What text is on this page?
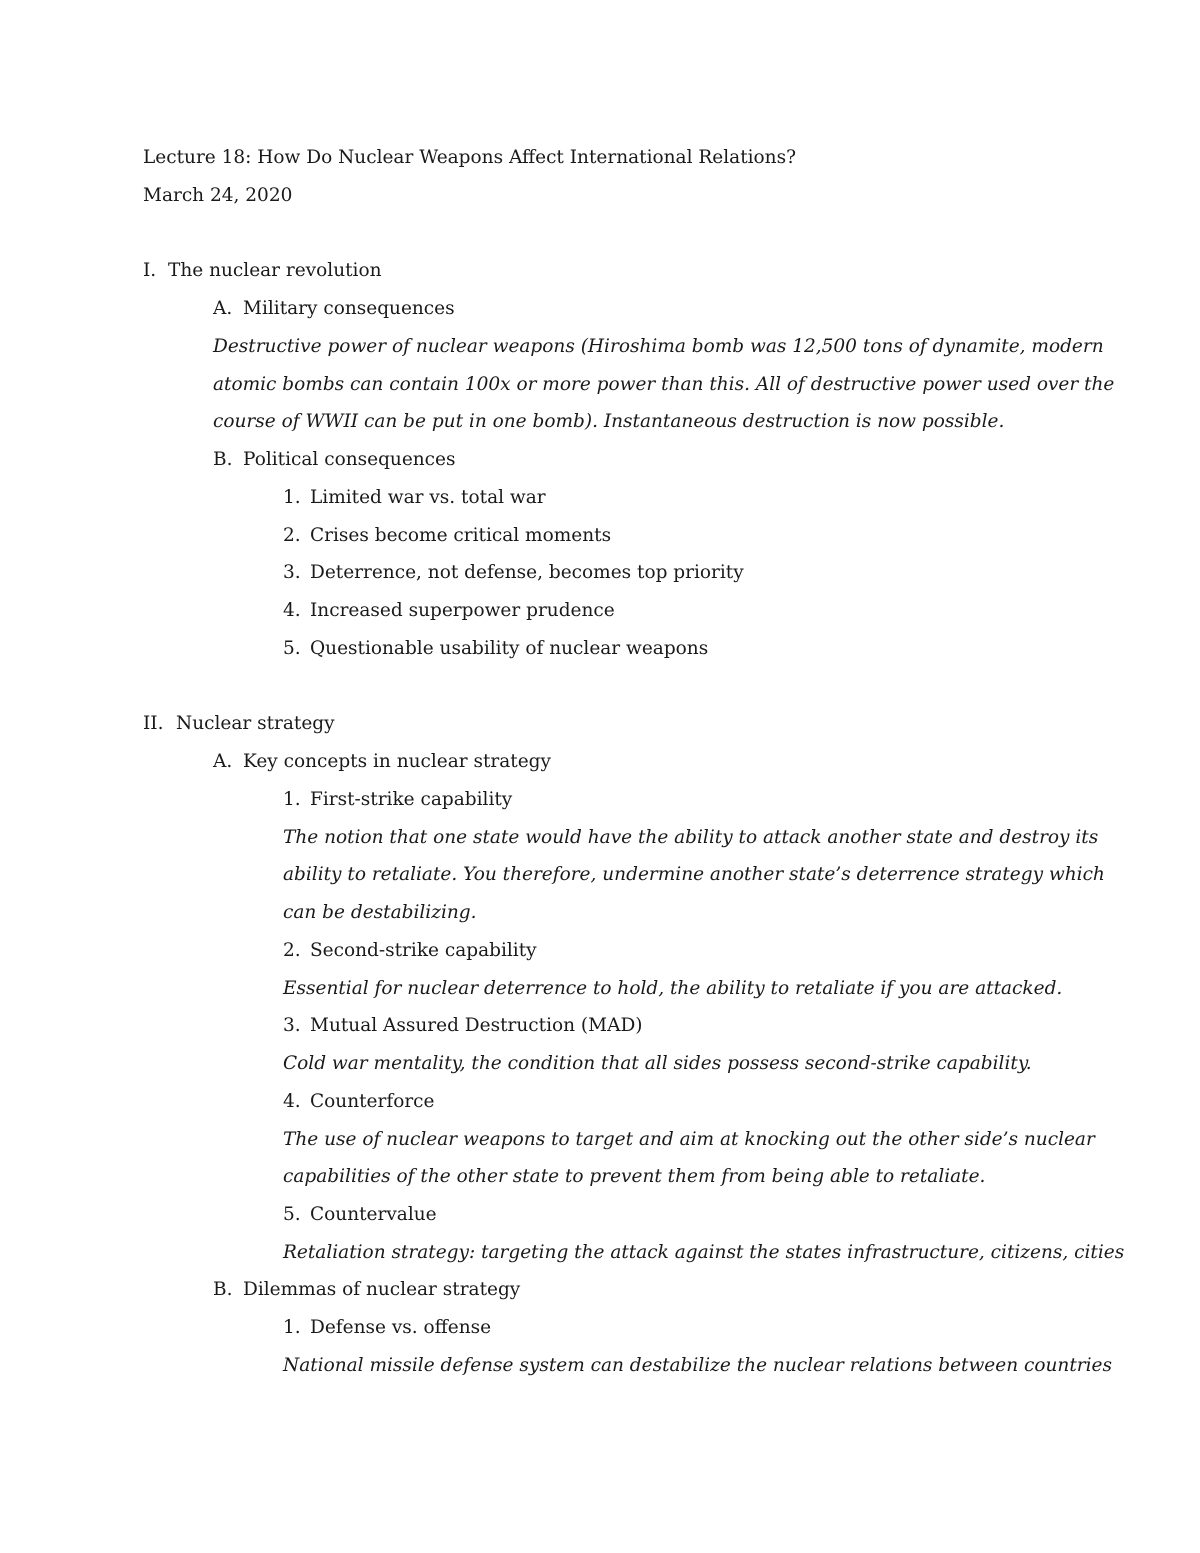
Lecture 18: How Do Nuclear Weapons Affect International Relations?
March 24, 2020
I. The nuclear revolution
A. Military consequences
Destructive power of nuclear weapons (Hiroshima bomb was 12,500 tons of dynamite, modern
atomic bombs can contain 100x or more power than this. All of destructive power used over the
course of WWII can be put in one bomb). Instantaneous destruction is now possible.
B. Political consequences
1. Limited war vs. total war
2. Crises become critical moments
3. Deterrence, not defense, becomes top priority
4. Increased superpower prudence
5. Questionable usability of nuclear weapons
II. Nuclear strategy
A. Key concepts in nuclear strategy
1. First-strike capability
The notion that one state would have the ability to attack another state and destroy its
ability to retaliate. You therefore, undermine another state’s deterrence strategy which
can be destabilizing.
2. Second-strike capability
Essential for nuclear deterrence to hold, the ability to retaliate if you are attacked.
3. Mutual Assured Destruction (MAD)
Cold war mentality, the condition that all sides possess second-strike capability.
4. Counterforce
The use of nuclear weapons to target and aim at knocking out the other side’s nuclear
capabilities of the other state to prevent them from being able to retaliate.
5. Countervalue
Retaliation strategy: targeting the attack against the states infrastructure, citizens, cities
B. Dilemmas of nuclear strategy
1. Defense vs. offense
National missile defense system can destabilize the nuclear relations between countries
